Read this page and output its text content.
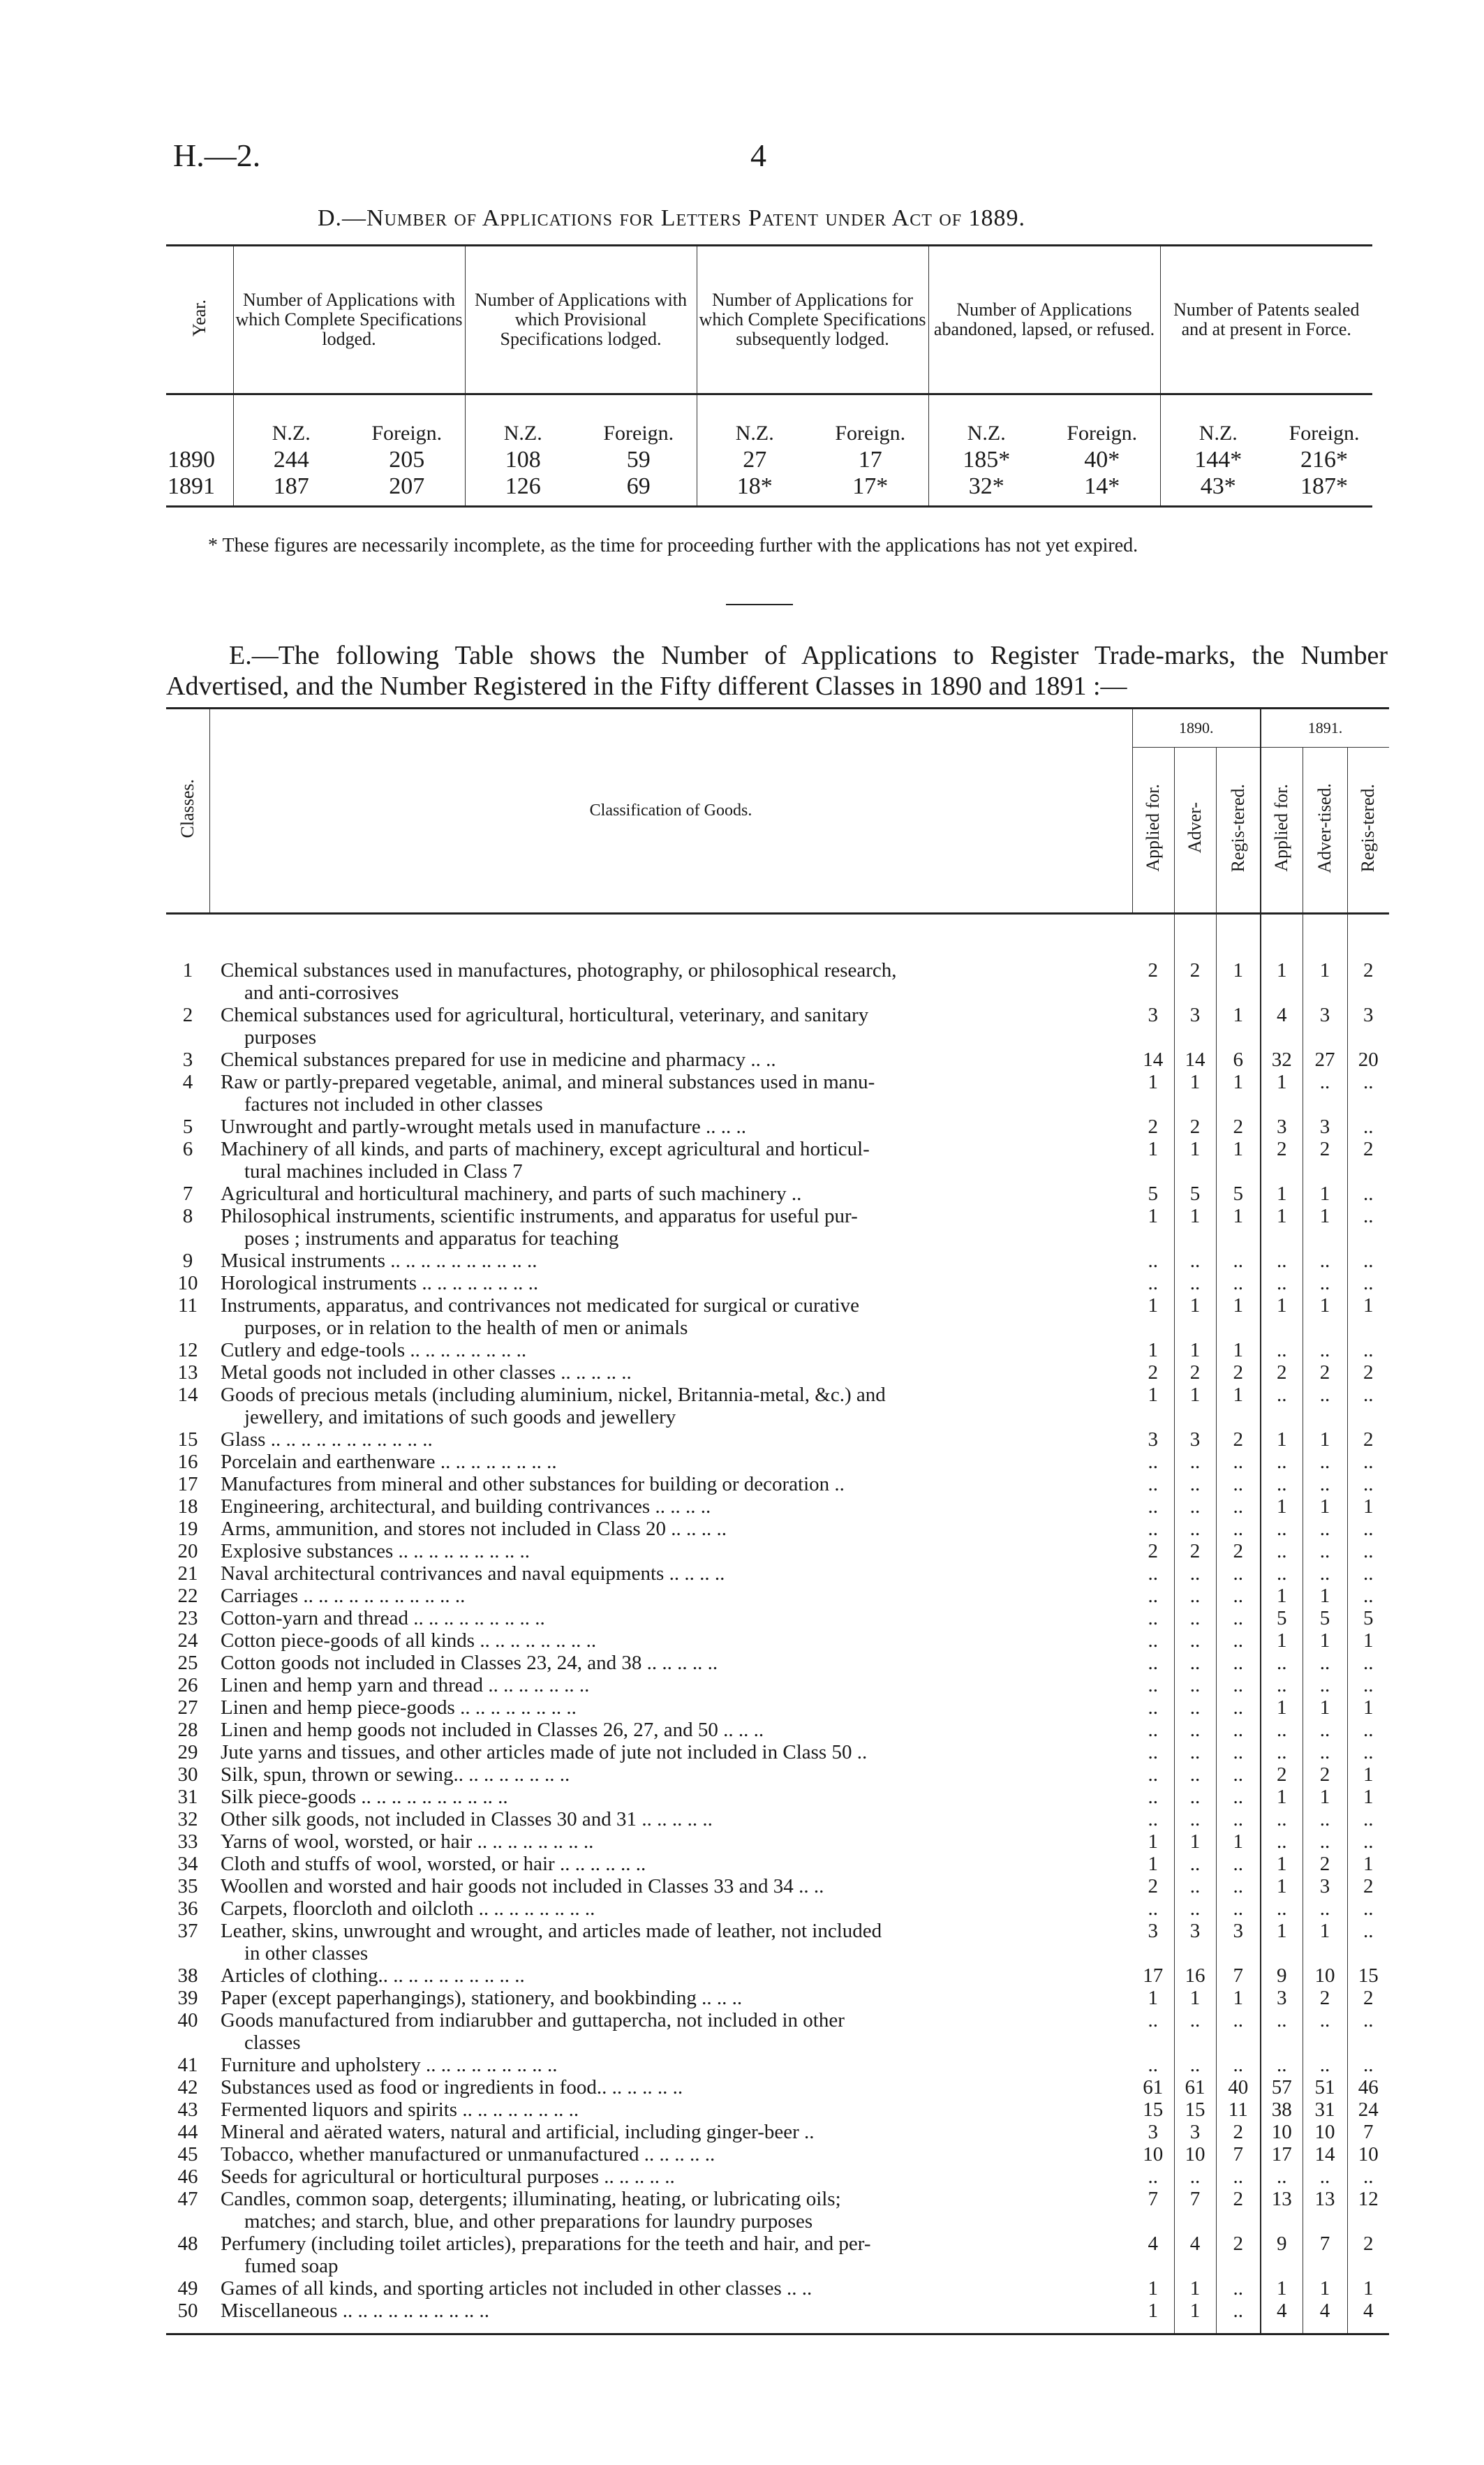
H.—2.	4
D.—Number of Applications for Letters Patent under Act of 1889.
Year.	Number of Applications with which Complete Specifications lodged.		Number of Applications with which Provisional Specifications lodged.		Number of Applications for which Complete Specifications subsequently lodged.		Number of Applications abandoned, lapsed, or refused.		Number of Patents sealed and at present in Force.	
	N.Z.	Foreign.	N.Z.	Foreign.	N.Z.	Foreign.	N.Z.	Foreign.	N.Z.	Foreign.
1890	244	205	108	59	27	17	185*	40*	144*	216*
1891	187	207	126	69	18*	17*	32*	14*	43*	187*
* These figures are necessarily incomplete, as the time for proceeding further with the applications has not yet expired.
E.—The following Table shows the Number of Applications to Register Trade-marks, the Number Advertised, and the Number Registered in the Fifty different Classes in 1890 and 1891 :—
Classes.	Classification of Goods.	1890.			1891.		
		Applied for.	Adver-	Regis-tered.	Applied for.	Adver-tised.	Regis-tered.
1	Chemical substances used in manufactures, photography, or philosophical research,
and anti-corrosives	2	2	1	1	1	2
2	Chemical substances used for agricultural, horticultural, veterinary, and sanitary
purposes	3	3	1	4	3	3
3	Chemical substances prepared for use in medicine and pharmacy .. ..	14	14	6	32	27	20
4	Raw or partly-prepared vegetable, animal, and mineral substances used in manu-
factures not included in other classes	1	1	1	1	..	..
5	Unwrought and partly-wrought metals used in manufacture .. .. ..	2	2	2	3	3	..
6	Machinery of all kinds, and parts of machinery, except agricultural and horticul-
tural machines included in Class 7	1	1	1	2	2	2
7	Agricultural and horticultural machinery, and parts of such machinery ..	5	5	5	1	1	..
8	Philosophical instruments, scientific instruments, and apparatus for useful pur-
poses ; instruments and apparatus for teaching	1	1	1	1	1	..
9	Musical instruments .. .. .. .. .. .. .. .. .. ..	..	..	..	..	..	..
10	Horological instruments .. .. .. .. .. .. .. ..	..	..	..	..	..	..
11	Instruments, apparatus, and contrivances not medicated for surgical or curative
purposes, or in relation to the health of men or animals	1	1	1	1	1	1
12	Cutlery and edge-tools .. .. .. .. .. .. .. ..	1	1	1	..	..	..
13	Metal goods not included in other classes .. .. .. .. ..	2	2	2	2	2	2
14	Goods of precious metals (including aluminium, nickel, Britannia-metal, &c.) and
jewellery, and imitations of such goods and jewellery	1	1	1	..	..	..
15	Glass .. .. .. .. .. .. .. .. .. .. ..	3	3	2	1	1	2
16	Porcelain and earthenware .. .. .. .. .. .. .. ..	..	..	..	..	..	..
17	Manufactures from mineral and other substances for building or decoration ..	..	..	..	..	..	..
18	Engineering, architectural, and building contrivances .. .. .. ..	..	..	..	1	1	1
19	Arms, ammunition, and stores not included in Class 20 .. .. .. ..	..	..	..	..	..	..
20	Explosive substances .. .. .. .. .. .. .. .. ..	2	2	2	..	..	..
21	Naval architectural contrivances and naval equipments .. .. .. ..	..	..	..	..	..	..
22	Carriages .. .. .. .. .. .. .. .. .. .. ..	..	..	..	1	1	..
23	Cotton-yarn and thread .. .. .. .. .. .. .. .. ..	..	..	..	5	5	5
24	Cotton piece-goods of all kinds .. .. .. .. .. .. .. ..	..	..	..	1	1	1
25	Cotton goods not included in Classes 23, 24, and 38 .. .. .. .. ..	..	..	..	..	..	..
26	Linen and hemp yarn and thread .. .. .. .. .. .. ..	..	..	..	..	..	..
27	Linen and hemp piece-goods .. .. .. .. .. .. .. ..	..	..	..	1	1	1
28	Linen and hemp goods not included in Classes 26, 27, and 50 .. .. ..	..	..	..	..	..	..
29	Jute yarns and tissues, and other articles made of jute not included in Class 50 ..	..	..	..	..	..	..
30	Silk, spun, thrown or sewing.. .. .. .. .. .. .. ..	..	..	..	2	2	1
31	Silk piece-goods .. .. .. .. .. .. .. .. .. ..	..	..	..	1	1	1
32	Other silk goods, not included in Classes 30 and 31 .. .. .. .. ..	..	..	..	..	..	..
33	Yarns of wool, worsted, or hair .. .. .. .. .. .. .. ..	1	1	1	..	..	..
34	Cloth and stuffs of wool, worsted, or hair .. .. .. .. .. ..	1	..	..	1	2	1
35	Woollen and worsted and hair goods not included in Classes 33 and 34 .. ..	2	..	..	1	3	2
36	Carpets, floorcloth and oilcloth .. .. .. .. .. .. .. ..	..	..	..	..	..	..
37	Leather, skins, unwrought and wrought, and articles made of leather, not included
in other classes	3	3	3	1	1	..
38	Articles of clothing.. .. .. .. .. .. .. .. .. ..	17	16	7	9	10	15
39	Paper (except paperhangings), stationery, and bookbinding .. .. ..	1	1	1	3	2	2
40	Goods manufactured from indiarubber and guttapercha, not included in other
classes	..	..	..	..	..	..
41	Furniture and upholstery .. .. .. .. .. .. .. .. ..	..	..	..	..	..	..
42	Substances used as food or ingredients in food.. .. .. .. .. ..	61	61	40	57	51	46
43	Fermented liquors and spirits .. .. .. .. .. .. .. ..	15	15	11	38	31	24
44	Mineral and aërated waters, natural and artificial, including ginger-beer ..	3	3	2	10	10	7
45	Tobacco, whether manufactured or unmanufactured .. .. .. .. ..	10	10	7	17	14	10
46	Seeds for agricultural or horticultural purposes .. .. .. .. ..	..	..	..	..	..	..
47	Candles, common soap, detergents; illuminating, heating, or lubricating oils;
matches; and starch, blue, and other preparations for laundry purposes	7	7	2	13	13	12
48	Perfumery (including toilet articles), preparations for the teeth and hair, and per-
fumed soap	4	4	2	9	7	2
49	Games of all kinds, and sporting articles not included in other classes .. ..	1	1	..	1	1	1
50	Miscellaneous .. .. .. .. .. .. .. .. .. ..	1	1	..	4	4	4
